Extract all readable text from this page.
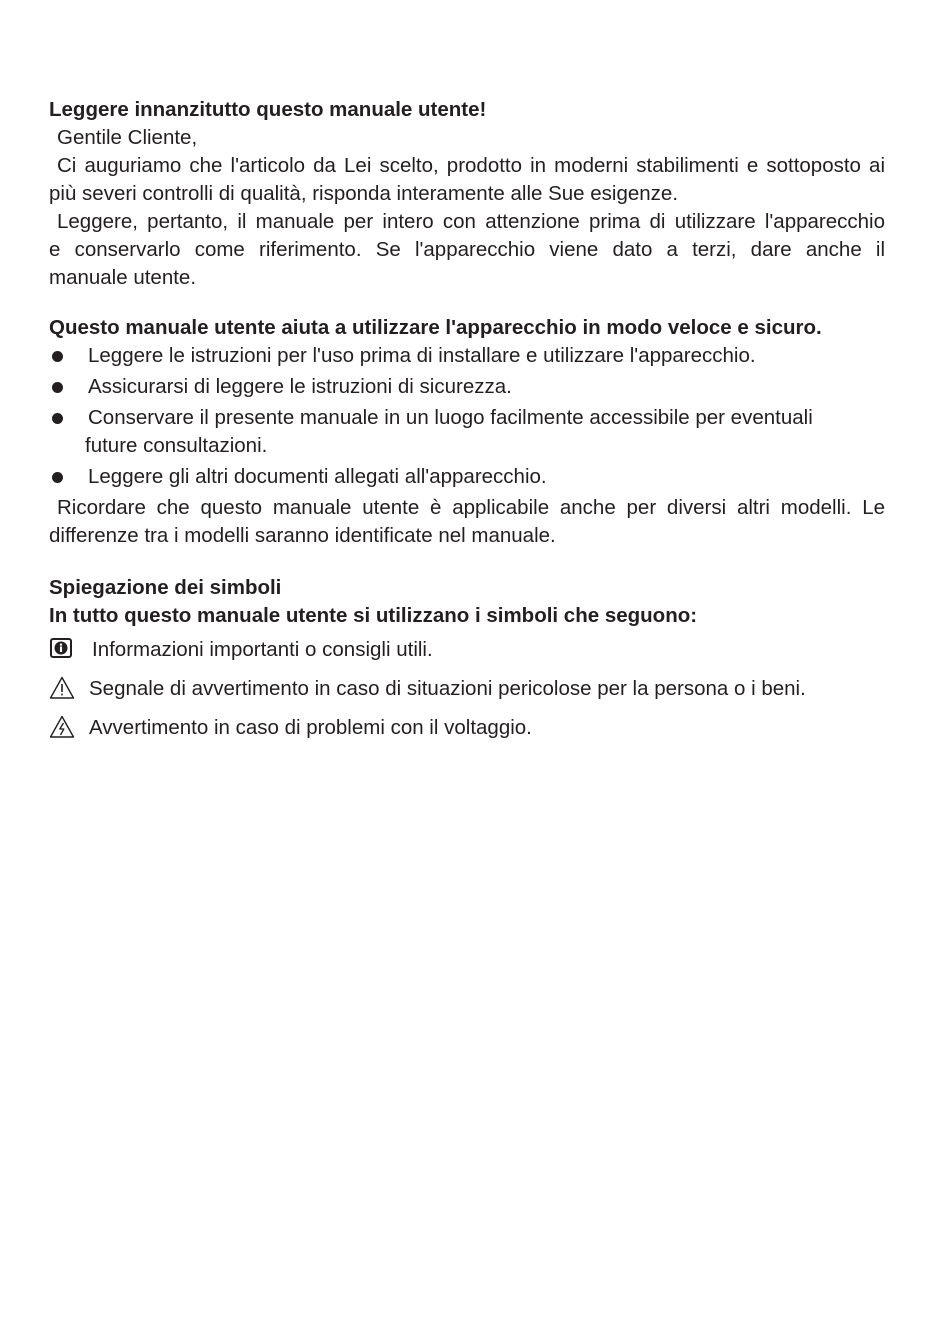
Leggere innanzitutto questo manuale utente!

Gentile Cliente,

Ci auguriamo che l'articolo da Lei scelto, prodotto in moderni stabilimenti e sottoposto ai

più severi controlli di qualità, risponda interamente alle Sue esigenze.

Leggere, pertanto, il manuale per intero con attenzione prima di utilizzare l'apparecchio

e conservarlo come riferimento. Se l'apparecchio viene dato a terzi, dare anche il

manuale utente.

Questo manuale utente aiuta a utilizzare l'apparecchio in modo veloce e sicuro.

Leggere le istruzioni per l'uso prima di installare e utilizzare l'apparecchio.
Assicurarsi di leggere le istruzioni di sicurezza.
Conservare il presente manuale in un luogo facilmente accessibile per eventuali
future consultazioni.
Leggere gli altri documenti allegati all'apparecchio.

Ricordare che questo manuale utente è applicabile anche per diversi altri modelli. Le

differenze tra i modelli saranno identificate nel manuale.

Spiegazione dei simboli

In tutto questo manuale utente si utilizzano i simboli che seguono:

Informazioni importanti o consigli utili.
Segnale di avvertimento in caso di situazioni pericolose per la persona o i beni.
Avvertimento in caso di problemi con il voltaggio.
